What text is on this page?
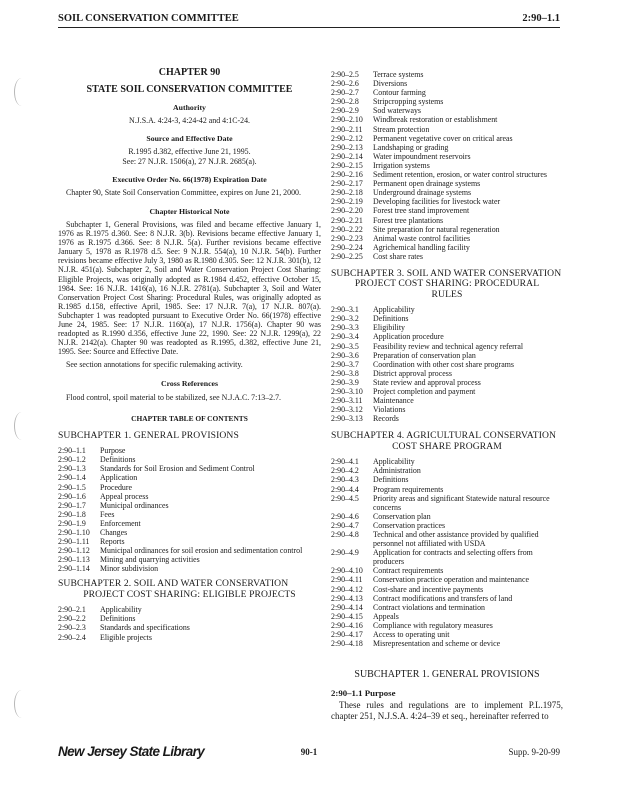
SOIL CONSERVATION COMMITTEE	2:90–1.1
CHAPTER 90
STATE SOIL CONSERVATION COMMITTEE
Authority
N.J.S.A. 4:24-3, 4:24-42 and 4:1C-24.
Source and Effective Date
R.1995 d.382, effective June 21, 1995.
See: 27 N.J.R. 1506(a), 27 N.J.R. 2685(a).
Executive Order No. 66(1978) Expiration Date

Chapter 90, State Soil Conservation Committee, expires on June 21, 2000.

Chapter Historical Note

Subchapter 1, General Provisions, was filed and became effective January 1, 1976 as R.1975 d.360. See: 8 N.J.R. 3(b). Revisions became effective January 1, 1976 as R.1975 d.366. See: 8 N.J.R. 5(a). Further revisions became effective January 5, 1978 as R.1978 d.5. See: 9 N.J.R. 554(a), 10 N.J.R. 54(b). Further revisions became effective July 3, 1980 as R.1980 d.305. See: 12 N.J.R. 301(b), 12 N.J.R. 451(a). Subchapter 2, Soil and Water Conservation Project Cost Sharing: Eligible Projects, was originally adopted as R.1984 d.452, effective October 15, 1984. See: 16 N.J.R. 1416(a), 16 N.J.R. 2781(a). Subchapter 3, Soil and Water Conservation Project Cost Sharing: Procedural Rules, was originally adopted as R.1985 d.158, effective April, 1985. See: 17 N.J.R. 7(a), 17 N.J.R. 807(a). Subchapter 1 was readopted pursuant to Executive Order No. 66(1978) effective June 24, 1985. See: 17 N.J.R. 1160(a), 17 N.J.R. 1756(a). Chapter 90 was readopted as R.1990 d.356, effective June 22, 1990. See: 22 N.J.R. 1299(a), 22 N.J.R. 2142(a). Chapter 90 was readopted as R.1995, d.382, effective June 21, 1995. See: Source and Effective Date.

See section annotations for specific rulemaking activity.

Cross References

Flood control, spoil material to be stabilized, see N.J.A.C. 7:13–2.7.

CHAPTER TABLE OF CONTENTS
SUBCHAPTER 1. GENERAL PROVISIONS
2:90–1.1 Purpose
2:90–1.2 Definitions
2:90–1.3 Standards for Soil Erosion and Sediment Control
2:90–1.4 Application
2:90–1.5 Procedure
2:90–1.6 Appeal process
2:90–1.7 Municipal ordinances
2:90–1.8 Fees
2:90–1.9 Enforcement
2:90–1.10 Changes
2:90–1.11 Reports
2:90–1.12 Municipal ordinances for soil erosion and sedimentation control
2:90–1.13 Mining and quarrying activities
2:90–1.14 Minor subdivision
SUBCHAPTER 2. SOIL AND WATER CONSERVATION
PROJECT COST SHARING: ELIGIBLE PROJECTS
2:90–2.1 Applicability
2:90–2.2 Definitions
2:90–2.3 Standards and specifications
2:90–2.4 Eligible projects
2:90–2.5 Terrace systems
2:90–2.6 Diversions
2:90–2.7 Contour farming
2:90–2.8 Stripcropping systems
2:90–2.9 Sod waterways
2:90–2.10 Windbreak restoration or establishment
2:90–2.11 Stream protection
2:90–2.12 Permanent vegetative cover on critical areas
2:90–2.13 Landshaping or grading
2:90–2.14 Water impoundment reservoirs
2:90–2.15 Irrigation systems
2:90–2.16 Sediment retention, erosion, or water control structures
2:90–2.17 Permanent open drainage systems
2:90–2.18 Underground drainage systems
2:90–2.19 Developing facilities for livestock water
2:90–2.20 Forest tree stand improvement
2:90–2.21 Forest tree plantations
2:90–2.22 Site preparation for natural regeneration
2:90–2.23 Animal waste control facilities
2:90–2.24 Agrichemical handling facility
2:90–2.25 Cost share rates
SUBCHAPTER 3. SOIL AND WATER CONSERVATION
PROJECT COST SHARING: PROCEDURAL
RULES
2:90–3.1 Applicability
2:90–3.2 Definitions
2:90–3.3 Eligibility
2:90–3.4 Application procedure
2:90–3.5 Feasibility review and technical agency referral
2:90–3.6 Preparation of conservation plan
2:90–3.7 Coordination with other cost share programs
2:90–3.8 District approval process
2:90–3.9 State review and approval process
2:90–3.10 Project completion and payment
2:90–3.11 Maintenance
2:90–3.12 Violations
2:90–3.13 Records
SUBCHAPTER 4. AGRICULTURAL CONSERVATION
COST SHARE PROGRAM
2:90–4.1 Applicability
2:90–4.2 Administration
2:90–4.3 Definitions
2:90–4.4 Program requirements
2:90–4.5 Priority areas and significant Statewide natural resource concerns
2:90–4.6 Conservation plan
2:90–4.7 Conservation practices
2:90–4.8 Technical and other assistance provided by qualified personnel not affiliated with USDA
2:90–4.9 Application for contracts and selecting offers from producers
2:90–4.10 Contract requirements
2:90–4.11 Conservation practice operation and maintenance
2:90–4.12 Cost-share and incentive payments
2:90–4.13 Contract modifications and transfers of land
2:90–4.14 Contract violations and termination
2:90–4.15 Appeals
2:90–4.16 Compliance with regulatory measures
2:90–4.17 Access to operating unit
2:90–4.18 Misrepresentation and scheme or device
SUBCHAPTER 1. GENERAL PROVISIONS
2:90–1.1 Purpose

These rules and regulations are to implement P.L.1975, chapter 251, N.J.S.A. 4:24–39 et seq., hereinafter referred to

New Jersey State Library	90-1	Supp. 9-20-99
